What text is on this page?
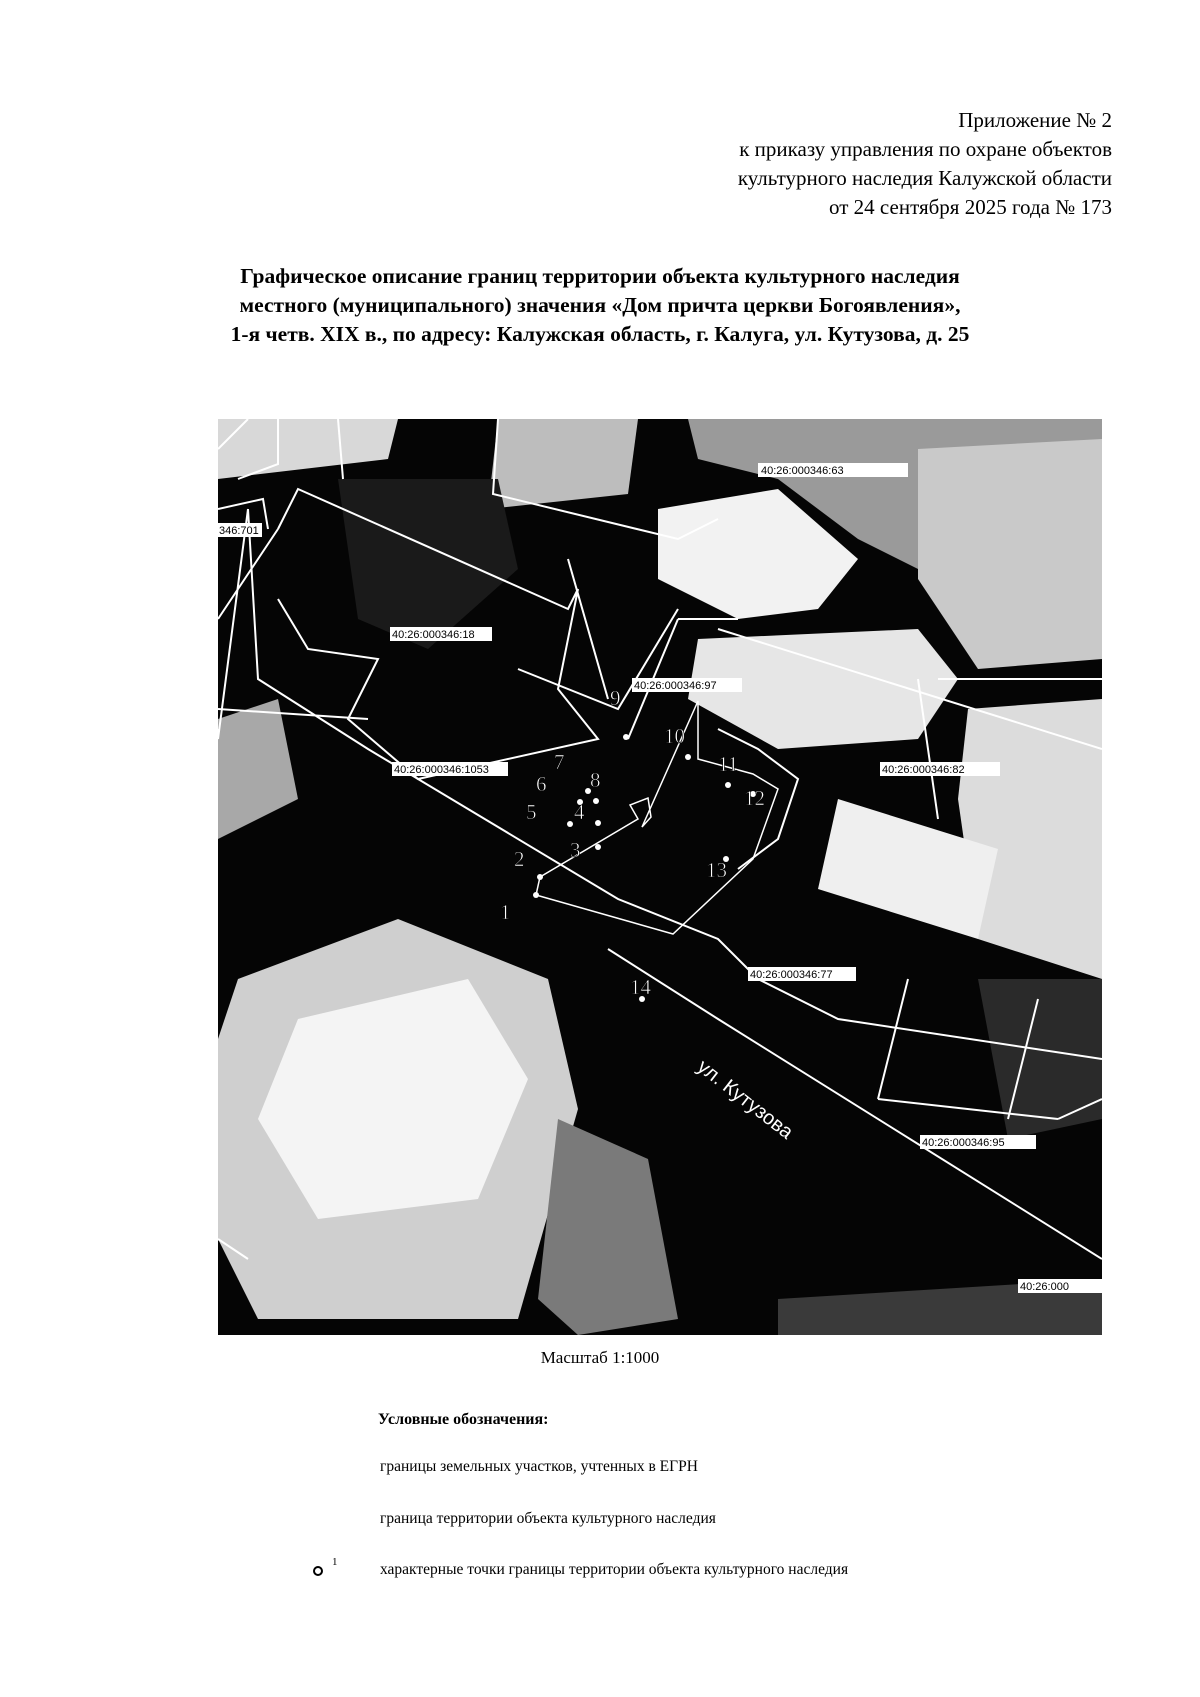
Приложение № 2
к приказу управления по охране объектов
культурного наследия Калужской области
от 24 сентября 2025 года № 173
Графическое описание границ территории объекта культурного наследия
местного (муниципального) значения «Дом причта церкви Богоявления»,
1-я четв. XIX в., по адресу: Калужская область, г. Калуга, ул. Кутузова, д. 25
1
2 3
4
5
6
7
8
9
10
11
12
13
14
40:26:000346:63
346:701
40:26:000346:18
40:26:000346:97
40:26:000346:1053	40:26:000346:82
40:26:000346:77
40:26:000346:95
40:26:000
ул. Кутузова
Масштаб 1:1000
Условные обозначения:
границы земельных участков, учтенных в ЕГРН
граница территории объекта культурного наследия
1	характерные точки границы территории объекта культурного наследия
